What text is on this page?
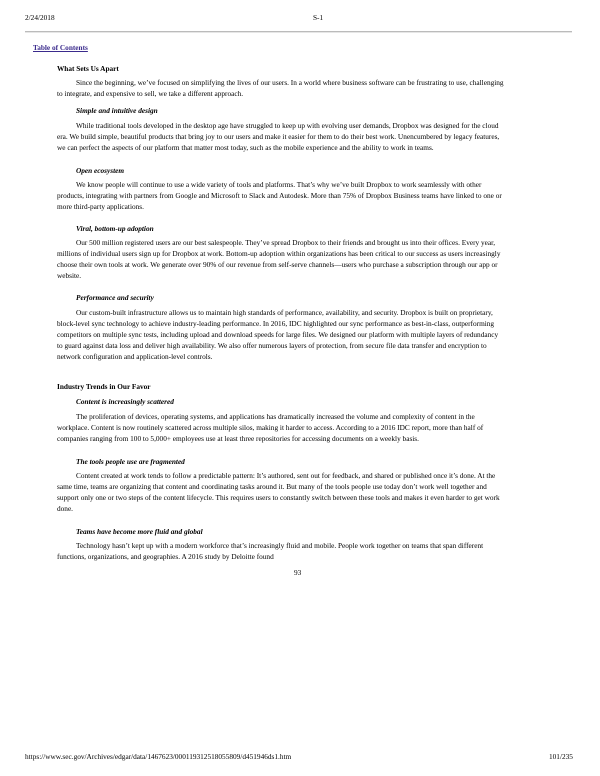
2/24/2018	S-1
Table of Contents
What Sets Us Apart
Since the beginning, we’ve focused on simplifying the lives of our users. In a world where business software can be frustrating to use, challenging
to integrate, and expensive to sell, we take a different approach.
Simple and intuitive design
While traditional tools developed in the desktop age have struggled to keep up with evolving user demands, Dropbox was designed for the cloud
era. We build simple, beautiful products that bring joy to our users and make it easier for them to do their best work. Unencumbered by legacy features,
we can perfect the aspects of our platform that matter most today, such as the mobile experience and the ability to work in teams.
Open ecosystem
We know people will continue to use a wide variety of tools and platforms. That’s why we’ve built Dropbox to work seamlessly with other
products, integrating with partners from Google and Microsoft to Slack and Autodesk. More than 75% of Dropbox Business teams have linked to one or
more third-party applications.
Viral, bottom-up adoption
Our 500 million registered users are our best salespeople. They’ve spread Dropbox to their friends and brought us into their offices. Every year,
millions of individual users sign up for Dropbox at work. Bottom-up adoption within organizations has been critical to our success as users increasingly
choose their own tools at work. We generate over 90% of our revenue from self-serve channels—users who purchase a subscription through our app or
website.
Performance and security
Our custom-built infrastructure allows us to maintain high standards of performance, availability, and security. Dropbox is built on proprietary,
block-level sync technology to achieve industry-leading performance. In 2016, IDC highlighted our sync performance as best-in-class, outperforming
competitors on multiple sync tests, including upload and download speeds for large files. We designed our platform with multiple layers of redundancy
to guard against data loss and deliver high availability. We also offer numerous layers of protection, from secure file data transfer and encryption to
network configuration and application-level controls.
Industry Trends in Our Favor
Content is increasingly scattered
The proliferation of devices, operating systems, and applications has dramatically increased the volume and complexity of content in the
workplace. Content is now routinely scattered across multiple silos, making it harder to access. According to a 2016 IDC report, more than half of
companies ranging from 100 to 5,000+ employees use at least three repositories for accessing documents on a weekly basis.
The tools people use are fragmented
Content created at work tends to follow a predictable pattern: It’s authored, sent out for feedback, and shared or published once it’s done. At the
same time, teams are organizing that content and coordinating tasks around it. But many of the tools people use today don’t work well together and
support only one or two steps of the content lifecycle. This requires users to constantly switch between these tools and makes it even harder to get work
done.
Teams have become more fluid and global
Technology hasn’t kept up with a modern workforce that’s increasingly fluid and mobile. People work together on teams that span different
functions, organizations, and geographies. A 2016 study by Deloitte found
93
https://www.sec.gov/Archives/edgar/data/1467623/000119312518055809/d451946ds1.htm	101/235
